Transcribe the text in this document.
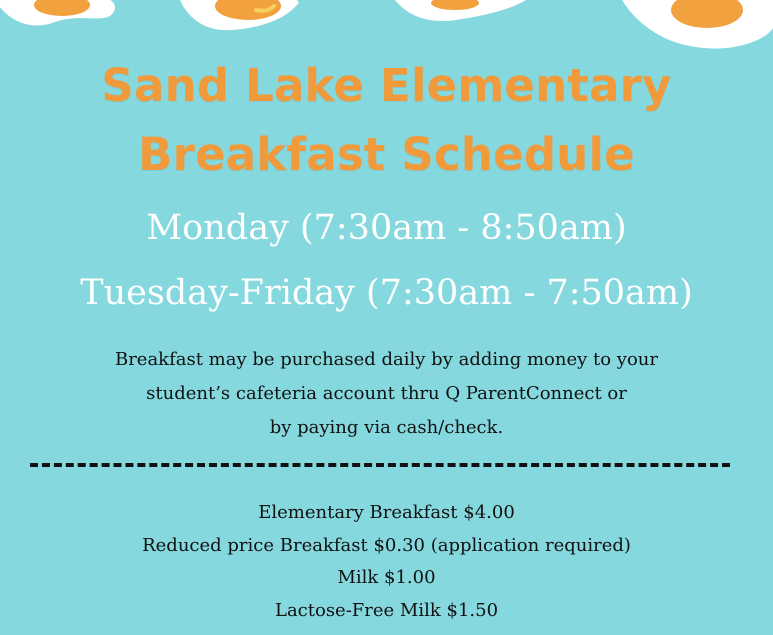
Sand Lake Elementary
Breakfast Schedule
Monday (7:30am - 8:50am)
Tuesday-Friday (7:30am - 7:50am)
Breakfast may be purchased daily by adding money to your
student’s cafeteria account thru Q ParentConnect or
by paying via cash/check.
Elementary Breakfast $4.00
Reduced price Breakfast $0.30 (application required)
Milk $1.00
Lactose-Free Milk $1.50
